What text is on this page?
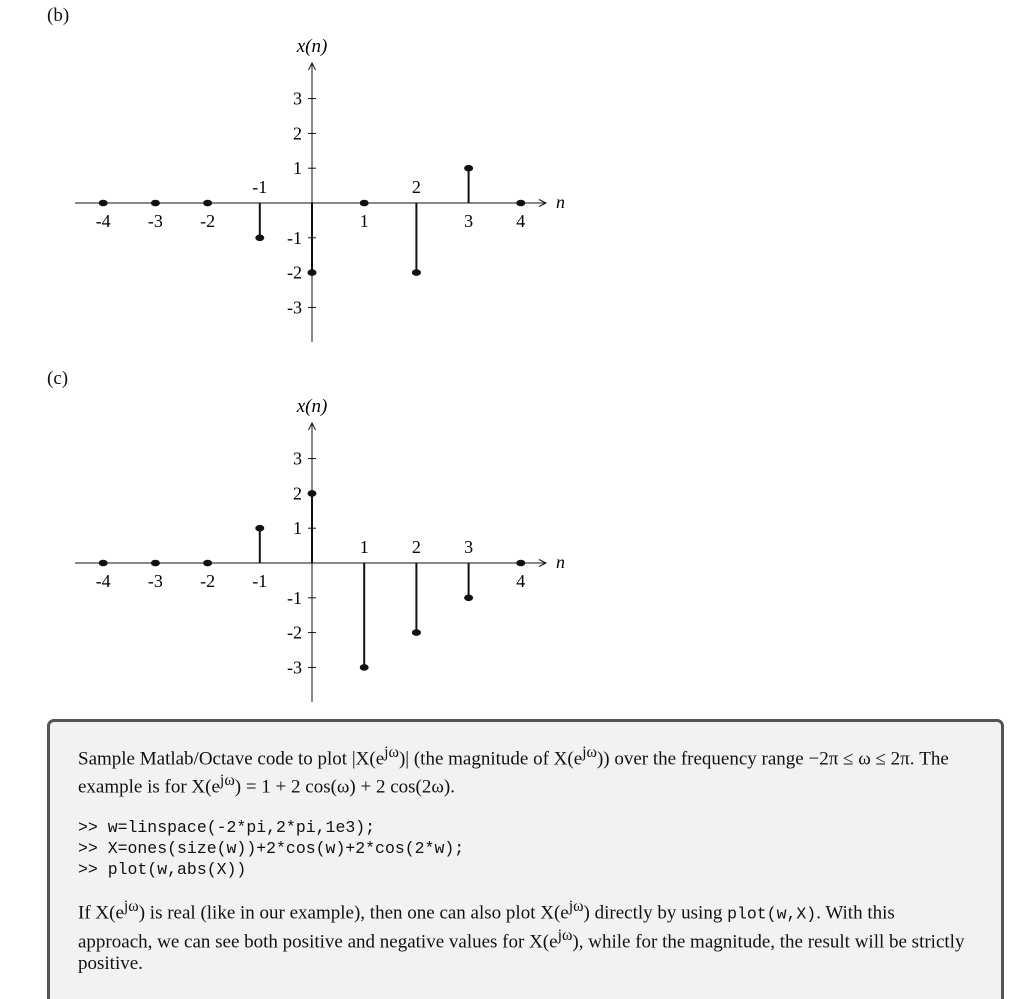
(b)
x(n)
n
3
2
1
-1
-2
-3
-4 -3 -2
-1
1
2
3 4
(c)
x(n)
n
3
2
1
-1
-2
-3
-4 -3 -2 -1
1 2 3
4

Sample Matlab/Octave code to plot $|X(e^{j\omega})|$ (the magnitude of $X(e^{j\omega})$) over the frequency range −2π ≤ ω ≤ 2π. The example is for $X(e^{j\omega}) = 1 + 2$ cos(ω) + 2 cos(2ω).

>> w=linspace(-2*pi,2*pi,1e3);
>> X=ones(size(w))+2*cos(w)+2*cos(2*w);
>> plot(w,abs(X))

If $X(e^{j\omega})$ is real (like in our example), then one can also plot $X(e^{j\omega})$ directly by using plot(w,X). With this approach, we can see both positive and negative values for $X(e^{j\omega})$, while for the magnitude, the result will be strictly positive.
